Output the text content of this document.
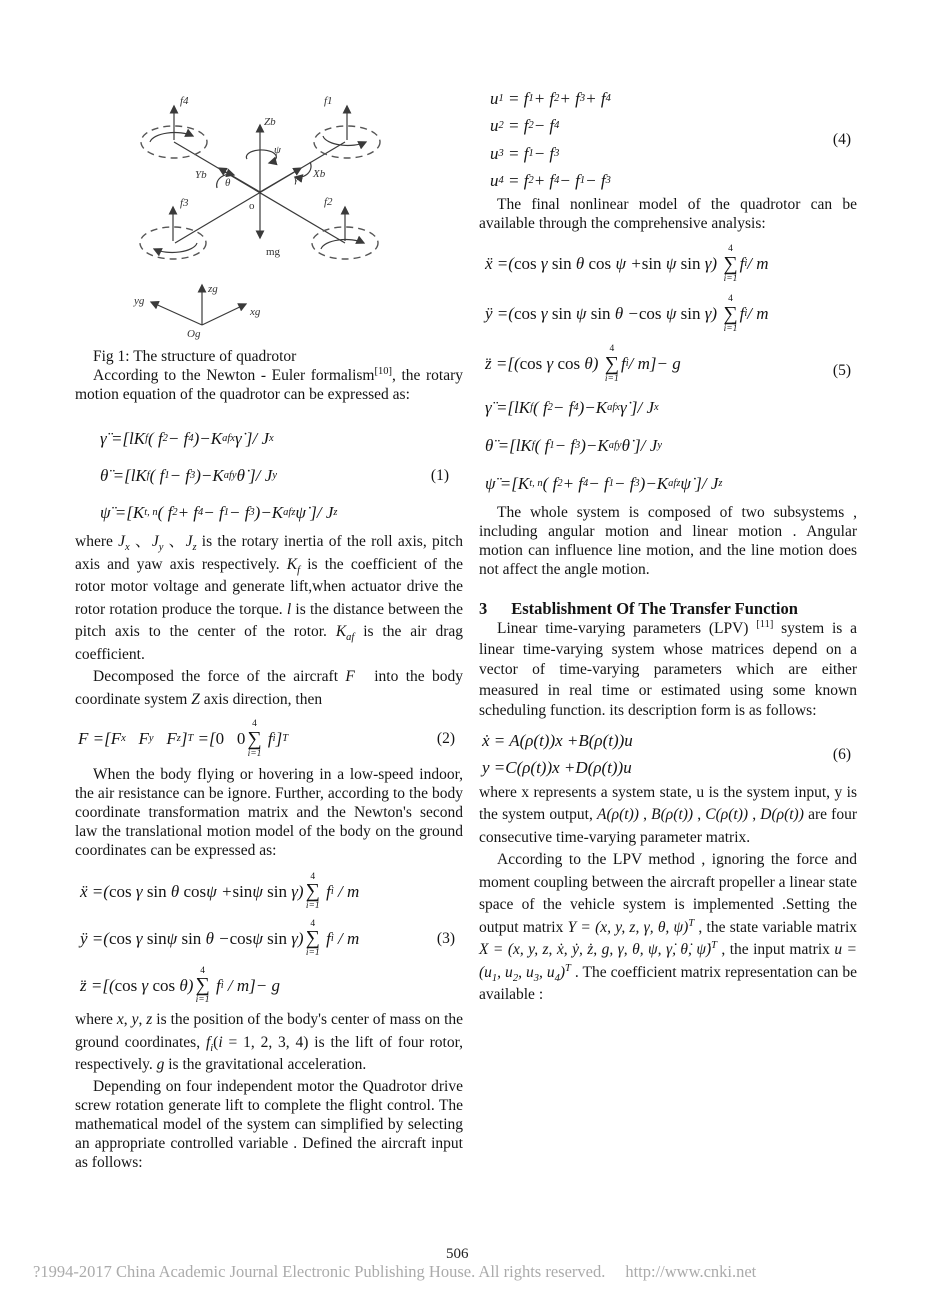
f4	f1
f3	f2
Zb
ψ
Yb
θ	γ Xb
o
mg
zg
yg
xg
Og

Fig 1: The structure of quadrotor

According to the Newton - Euler formalism[10], the rotary motion equation of the quadrotor can be expressed as:

γ̈ =[lK f ( f 2 − f 4 )−K afx γ̇ ]/ J x
θ̈ =[lK f ( f 1 − f 3 )−K afy θ̇ ]/ J y
ψ̈ =[K t, n ( f 2 + f 4 − f 1 − f 3 )−K afz ψ̇ ]/ J z
(1)

where $J_x$ 、$J_y$ 、$J_z$ is the rotary inertia of the roll axis, pitch axis and yaw axis respectively. $K_f$ is the coefficient of the rotor motor voltage and generate lift,when actuator drive the rotor rotation produce the torque. l is the distance between the pitch axis to the center of the rotor. $K_{af}$ is the air drag coefficient.

Decomposed the force of the aircraft F⃗ into the body coordinate system Z axis direction, then

F =[F x F y F z ] T =[ 0   0
4
∑
i=1
f i ] T	(2)

When the body flying or hovering in a low-speed indoor, the air resistance can be ignore. Further, according to the body coordinate transformation matrix and the Newton's second law the translational motion model of the body on the ground coordinates can be expressed as:

ẍ =( cos γ sin θ cos ψ + sin ψ sin γ)
4
∑
i=1
f i / m
ÿ =( cos γ sin ψ sin θ − cos ψ sin γ)
4
∑
i=1
f i / m
z̈ =[( cos γ cos θ)
4
∑
i=1
f i / m]− g
(3)

where x, y, z is the position of the body's center of mass on the ground coordinates, $f_i(i = 1$, 2, 3, 4) is the lift of four rotor, respectively. g is the gravitational acceleration.

Depending on four independent motor the Quadrotor drive screw rotation generate lift to complete the flight control. The mathematical model of the system can simplified by selecting an appropriate controlled variable . Defined the aircraft input as follows:

u 1 = f 1 + f 2 + f 3 + f 4
u 2 = f 2 − f 4
u 3 = f 1 − f 3
u 4 = f 2 + f 4 − f 1 − f 3
(4)

The final nonlinear model of the quadrotor can be available through the comprehensive analysis:

ẍ =( cos γ sin θ cos ψ + sin ψ sin γ)
4
∑
i=1
f i / m
ÿ =( cos γ sin ψ sin θ − cos ψ sin γ)
4
∑
i=1
f i / m
z̈ =[( cos γ cos θ)
4
∑
i=1
f i / m]− g
γ̈ =[lK f ( f 2 − f 4 )−K afx γ̇ ]/ J x
θ̈ =[lK f ( f 1 − f 3 )−K afy θ̇ ]/ J y
ψ̈ =[K t, n ( f 2 + f 4 − f 1 − f 3 )−K afz ψ̇ ]/ J z
(5)

The whole system is composed of two subsystems , including angular motion and linear motion . Angular motion can influence line motion, and the line motion does not affect the angle motion.

3 Establishment Of The Transfer Function

Linear time-varying parameters (LPV) [11] system is a linear time-varying system whose matrices depend on a vector of time-varying parameters which are either measured in real time or estimated using some known scheduling function. its description form is as follows:

ẋ = A(ρ(t))x +B(ρ(t))u
y =C(ρ(t))x +D(ρ(t))u
(6)

where x represents a system state, u is the system input, y is the system output, A(ρ(t)) , B(ρ(t)) , C(ρ(t)) , D(ρ(t)) are four consecutive time-varying parameter matrix.

According to the LPV method , ignoring the force and moment coupling between the aircraft propeller a linear state space of the vehicle system is implemented .Setting the output matrix Y = (x, y, z, γ, θ, ψ)$^T$ , the state variable matrix X = (x, y, z, ẋ, ẏ, ż, g, γ, θ, ψ, γ̇, θ̇, ψ̇)$^T$ , the input matrix $u = (u_1$, $u_2$, $u_3$, $u_4)^T$ . The coefficient matrix representation can be available :

506
?1994-2017 China Academic Journal Electronic Publishing House. All rights reserved. http://www.cnki.net
